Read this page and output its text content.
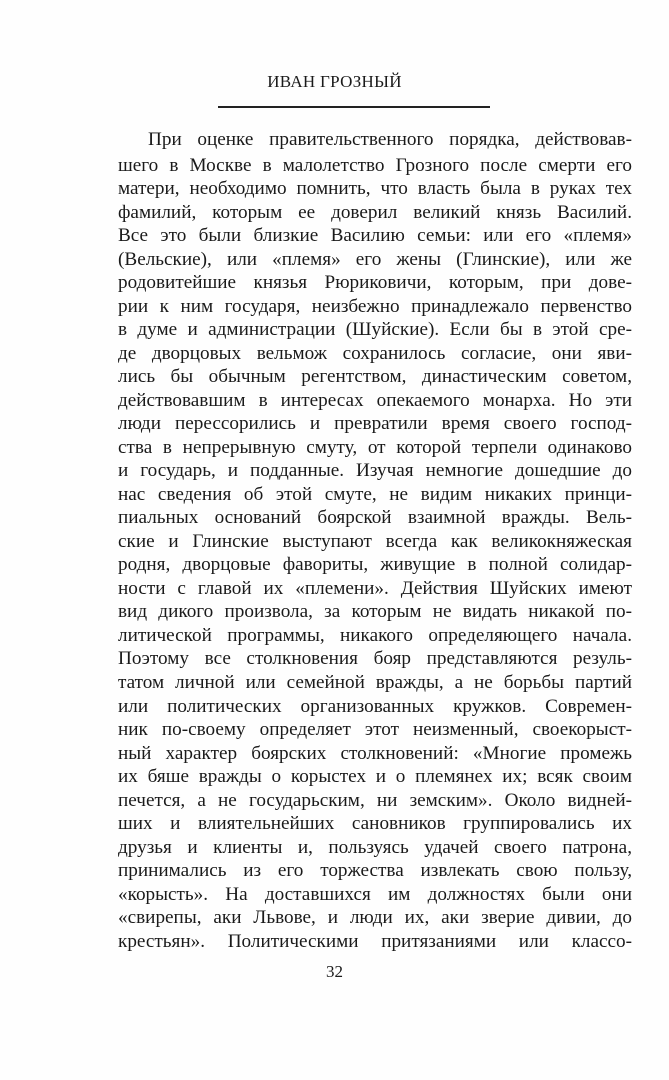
ИВАН ГРОЗНЫЙ
При оценке правительственного порядка, действовав-
шего в Москве в малолетство Грозного после смерти его
матери, необходимо помнить, что власть была в руках тех
фамилий, которым ее доверил великий князь Василий.
Все это были близкие Василию семьи: или его «племя»
(Вельские), или «племя» его жены (Глинские), или же
родовитейшие князья Рюриковичи, которым, при дове-
рии к ним государя, неизбежно принадлежало первенство
в думе и администрации (Шуйские). Если бы в этой сре-
де дворцовых вельмож сохранилось согласие, они яви-
лись бы обычным регентством, династическим советом,
действовавшим в интересах опекаемого монарха. Но эти
люди перессорились и превратили время своего господ-
ства в непрерывную смуту, от которой терпели одинаково
и государь, и подданные. Изучая немногие дошедшие до
нас сведения об этой смуте, не видим никаких принци-
пиальных оснований боярской взаимной вражды. Вель-
ские и Глинские выступают всегда как великокняжеская
родня, дворцовые фавориты, живущие в полной солидар-
ности с главой их «племени». Действия Шуйских имеют
вид дикого произвола, за которым не видать никакой по-
литической программы, никакого определяющего начала.
Поэтому все столкновения бояр представляются резуль-
татом личной или семейной вражды, а не борьбы партий
или политических организованных кружков. Современ-
ник по-своему определяет этот неизменный, своекорыст-
ный характер боярских столкновений: «Многие промежь
их бяше вражды о корыстех и о племянех их; всяк своим
печется, а не государьским, ни земским». Около видней-
ших и влиятельнейших сановников группировались их
друзья и клиенты и, пользуясь удачей своего патрона,
принимались из его торжества извлекать свою пользу,
«корысть». На доставшихся им должностях были они
«свирепы, аки Львове, и люди их, аки зверие дивии, до
крестьян». Политическими притязаниями или классо-
32
